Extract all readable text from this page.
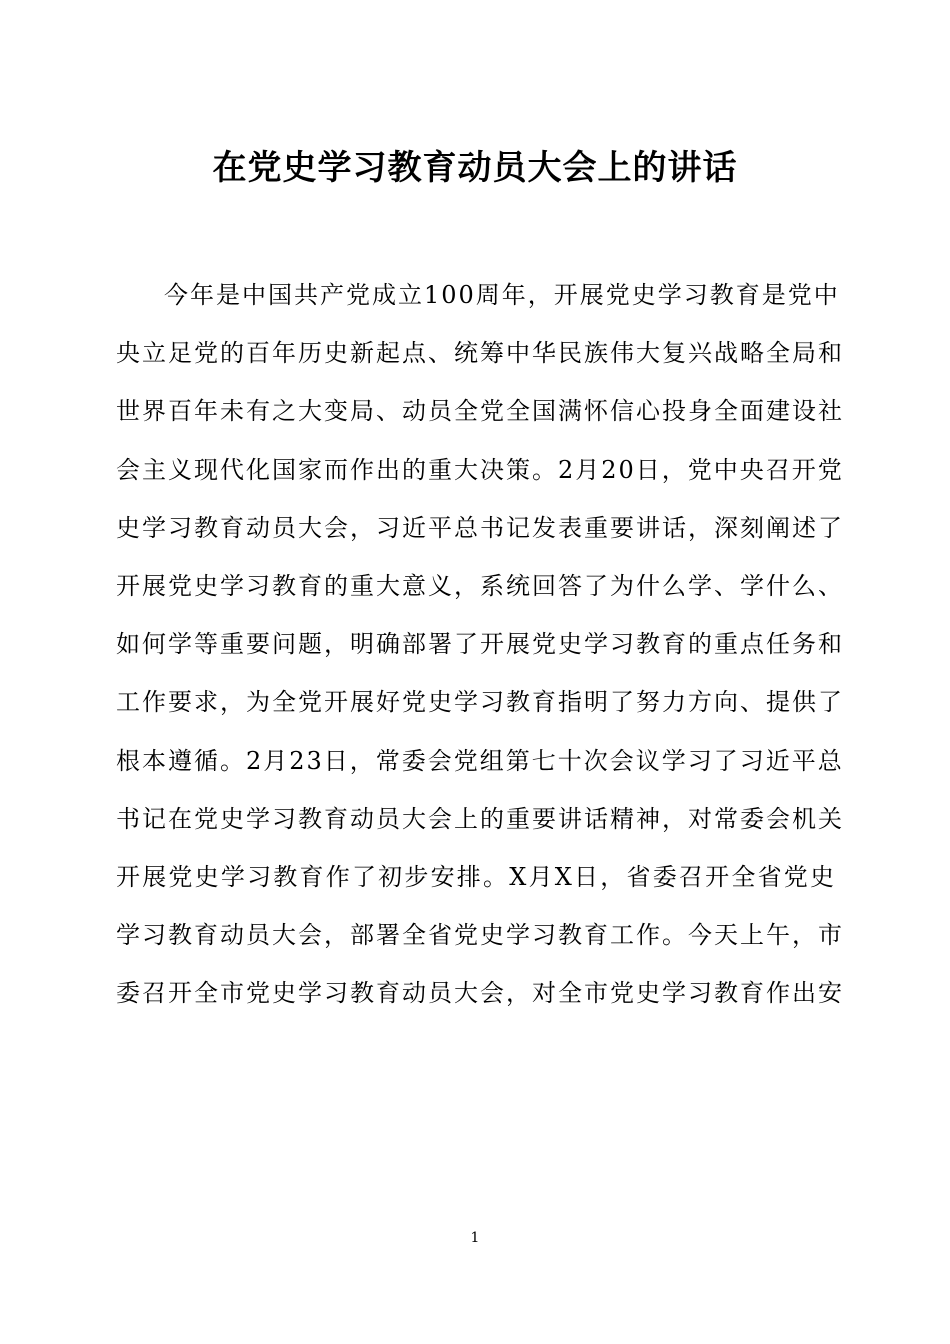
在党史学习教育动员大会上的讲话
今年是中国共产党成立100周年，开展党史学习教育是党中
央立足党的百年历史新起点、统筹中华民族伟大复兴战略全局和
世界百年未有之大变局、动员全党全国满怀信心投身全面建设社
会主义现代化国家而作出的重大决策。2月20日，党中央召开党
史学习教育动员大会，习近平总书记发表重要讲话，深刻阐述了
开展党史学习教育的重大意义，系统回答了为什么学、学什么、
如何学等重要问题，明确部署了开展党史学习教育的重点任务和
工作要求，为全党开展好党史学习教育指明了努力方向、提供了
根本遵循。2月23日，常委会党组第七十次会议学习了习近平总
书记在党史学习教育动员大会上的重要讲话精神，对常委会机关
开展党史学习教育作了初步安排。X月X日，省委召开全省党史
学习教育动员大会，部署全省党史学习教育工作。今天上午，市
委召开全市党史学习教育动员大会，对全市党史学习教育作出安
1
